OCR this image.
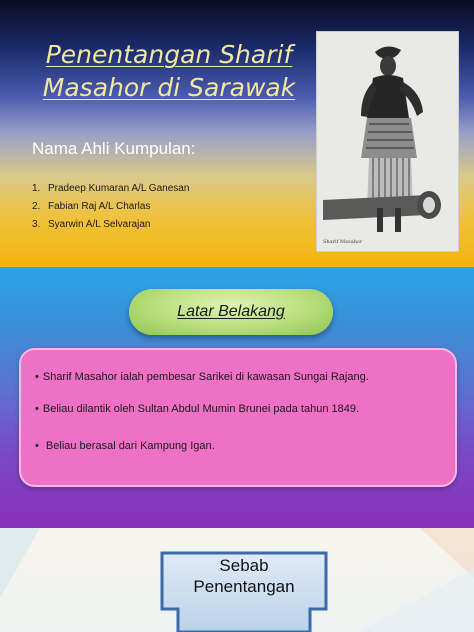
Penentangan Sharif
Masahor di Sarawak
Nama Ahli Kumpulan:
1. Pradeep Kumaran A/L Ganesan
2. Fabian Raj A/L Charlas
3. Syarwin A/L Selvarajan
Sharif Masahor
Latar Belakang
• Sharif Masahor ialah pembesar Sarikei di kawasan Sungai Rajang.
• Beliau dilantik oleh Sultan Abdul Mumin Brunei pada tahun 1849.
• Beliau berasal dari Kampung Igan.
Sebab
Penentangan
